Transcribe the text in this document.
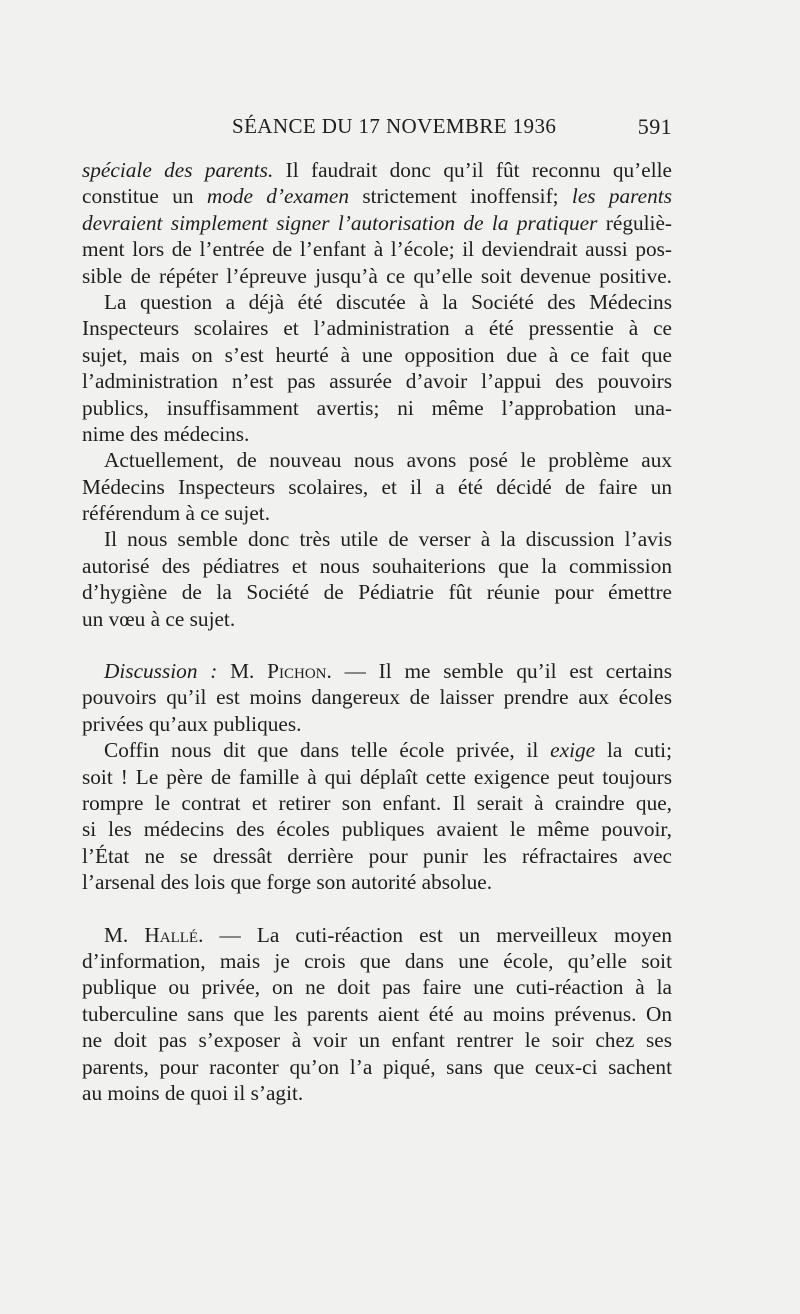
SÉANCE DU 17 NOVEMBRE 1936	591
spéciale des parents. Il faudrait donc qu’il fût reconnu qu’elle
constitue un mode d’examen strictement inoffensif; les parents
devraient simplement signer l’autorisation de la pratiquer réguliè-
ment lors de l’entrée de l’enfant à l’école; il deviendrait aussi pos-
sible de répéter l’épreuve jusqu’à ce qu’elle soit devenue positive.
La question a déjà été discutée à la Société des Médecins
Inspecteurs scolaires et l’administration a été pressentie à ce
sujet, mais on s’est heurté à une opposition due à ce fait que
l’administration n’est pas assurée d’avoir l’appui des pouvoirs
publics, insuffisamment avertis; ni même l’approbation una-
nime des médecins.
Actuellement, de nouveau nous avons posé le problème aux
Médecins Inspecteurs scolaires, et il a été décidé de faire un
référendum à ce sujet.
Il nous semble donc très utile de verser à la discussion l’avis
autorisé des pédiatres et nous souhaiterions que la commission
d’hygiène de la Société de Pédiatrie fût réunie pour émettre
un vœu à ce sujet.
Discussion : M. Pichon. — Il me semble qu’il est certains
pouvoirs qu’il est moins dangereux de laisser prendre aux écoles
privées qu’aux publiques.
Coffin nous dit que dans telle école privée, il exige la cuti;
soit ! Le père de famille à qui déplaît cette exigence peut toujours
rompre le contrat et retirer son enfant. Il serait à craindre que,
si les médecins des écoles publiques avaient le même pouvoir,
l’État ne se dressât derrière pour punir les réfractaires avec
l’arsenal des lois que forge son autorité absolue.
M. Hallé. — La cuti-réaction est un merveilleux moyen
d’information, mais je crois que dans une école, qu’elle soit
publique ou privée, on ne doit pas faire une cuti-réaction à la
tuberculine sans que les parents aient été au moins prévenus. On
ne doit pas s’exposer à voir un enfant rentrer le soir chez ses
parents, pour raconter qu’on l’a piqué, sans que ceux-ci sachent
au moins de quoi il s’agit.
